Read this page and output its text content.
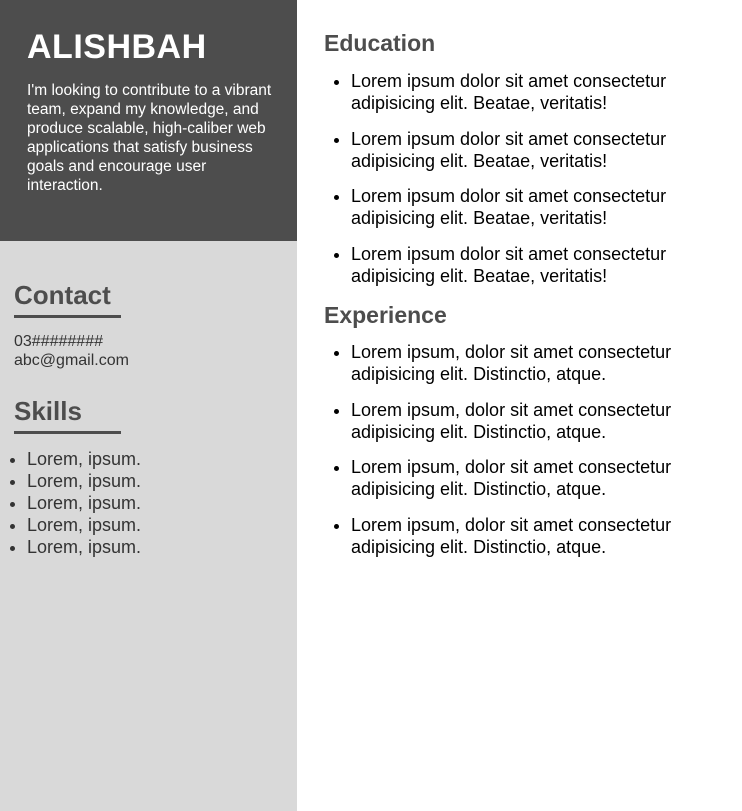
ALISHBAH

I'm looking to contribute to a vibrant team, expand my knowledge, and produce scalable, high-caliber web applications that satisfy business goals and encourage user interaction.

Contact
03########
abc@gmail.com
Skills
• Lorem, ipsum.
• Lorem, ipsum.
• Lorem, ipsum.
• Lorem, ipsum.
• Lorem, ipsum.
Education
• Lorem ipsum dolor sit amet consectetur adipisicing elit. Beatae, veritatis!
• Lorem ipsum dolor sit amet consectetur adipisicing elit. Beatae, veritatis!
• Lorem ipsum dolor sit amet consectetur adipisicing elit. Beatae, veritatis!
• Lorem ipsum dolor sit amet consectetur adipisicing elit. Beatae, veritatis!
Experience
• Lorem ipsum, dolor sit amet consectetur adipisicing elit. Distinctio, atque.
• Lorem ipsum, dolor sit amet consectetur adipisicing elit. Distinctio, atque.
• Lorem ipsum, dolor sit amet consectetur adipisicing elit. Distinctio, atque.
• Lorem ipsum, dolor sit amet consectetur adipisicing elit. Distinctio, atque.
